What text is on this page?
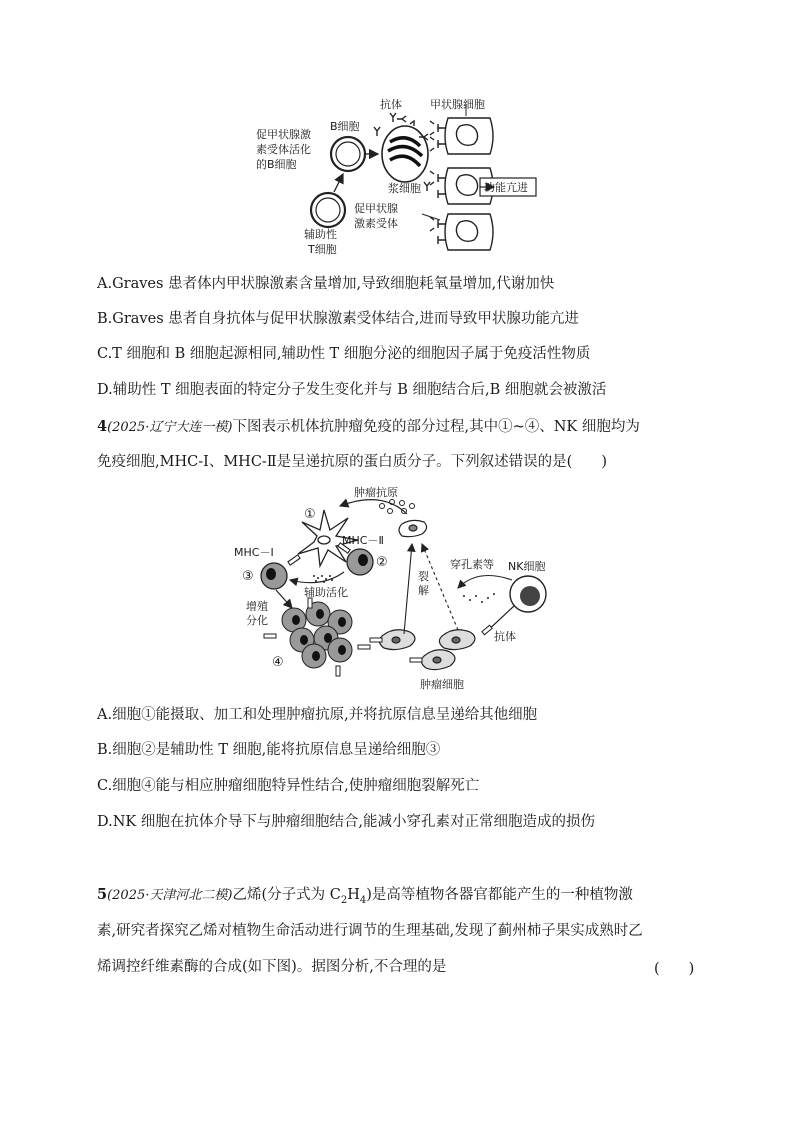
抗体	甲状腺细胞
B细胞
促甲状腺激
素受体活化
的B细胞
浆细胞	功能亢进
促甲状腺
激素受体
辅助性
T细胞
A.Graves 患者体内甲状腺激素含量增加,导致细胞耗氧量增加,代谢加快
B.Graves 患者自身抗体与促甲状腺激素受体结合,进而导致甲状腺功能亢进
C.T 细胞和 B 细胞起源相同,辅助性 T 细胞分泌的细胞因子属于免疫活性物质
D.辅助性 T 细胞表面的特定分子发生变化并与 B 细胞结合后,B 细胞就会被激活
4(2025·辽宁大连一模)下图表示机体抗肿瘤免疫的部分过程,其中①~④、NK 细胞均为
免疫细胞,MHC-Ⅰ、MHC-Ⅱ是呈递抗原的蛋白质分子。下列叙述错误的是(　　)
肿瘤抗原
①
MHC－Ⅰ
MHC－Ⅱ
②
③
辅助活化
裂
解
穿孔素等 NK细胞
增殖
分化
④
抗体
肿瘤细胞
A.细胞①能摄取、加工和处理肿瘤抗原,并将抗原信息呈递给其他细胞
B.细胞②是辅助性 T 细胞,能将抗原信息呈递给细胞③
C.细胞④能与相应肿瘤细胞特异性结合,使肿瘤细胞裂解死亡
D.NK 细胞在抗体介导下与肿瘤细胞结合,能减小穿孔素对正常细胞造成的损伤
5(2025·天津河北二模)乙烯(分子式为 $C_2H_4$)是高等植物各器官都能产生的一种植物激
素,研究者探究乙烯对植物生命活动进行调节的生理基础,发现了蓟州柿子果实成熟时乙
烯调控纤维素酶的合成(如下图)。据图分析,不合理的是	(　　)
